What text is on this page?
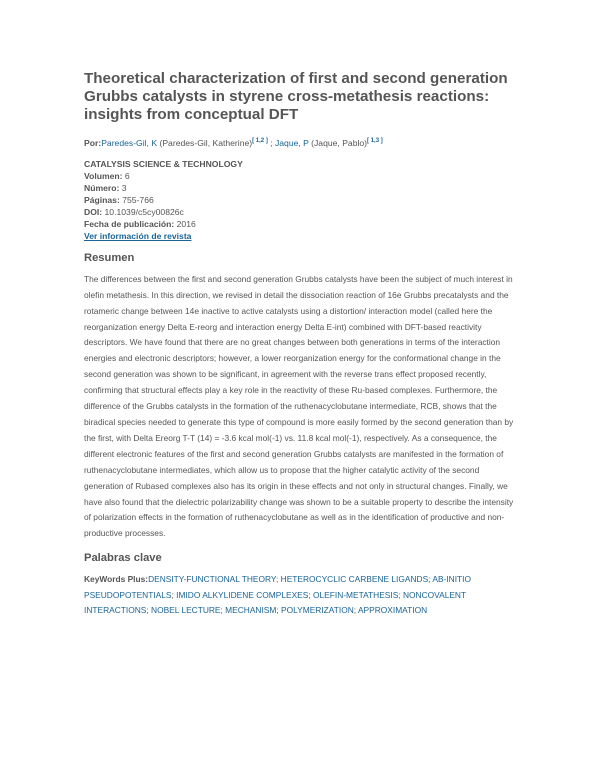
Theoretical characterization of first and second generation Grubbs catalysts in styrene cross-metathesis reactions: insights from conceptual DFT
Por:Paredes-Gil, K (Paredes-Gil, Katherine)[ 1,2 ] ; Jaque, P (Jaque, Pablo)[ 1,3 ]
CATALYSIS SCIENCE & TECHNOLOGY
Volumen: 6
Número: 3
Páginas: 755-766
DOI: 10.1039/c5cy00826c
Fecha de publicación: 2016
Ver información de revista
Resumen

The differences between the first and second generation Grubbs catalysts have been the subject of much interest in olefin metathesis. In this direction, we revised in detail the dissociation reaction of 16e Grubbs precatalysts and the rotameric change between 14e inactive to active catalysts using a distortion/ interaction model (called here the reorganization energy Delta E-reorg and interaction energy Delta E-int) combined with DFT-based reactivity descriptors. We have found that there are no great changes between both generations in terms of the interaction energies and electronic descriptors; however, a lower reorganization energy for the conformational change in the second generation was shown to be significant, in agreement with the reverse trans effect proposed recently, confirming that structural effects play a key role in the reactivity of these Ru-based complexes. Furthermore, the difference of the Grubbs catalysts in the formation of the ruthenacyclobutane intermediate, RCB, shows that the biradical species needed to generate this type of compound is more easily formed by the second generation than by the first, with Delta Ereorg T-T (14) = -3.6 kcal mol(-1) vs. 11.8 kcal mol(-1), respectively. As a consequence, the different electronic features of the first and second generation Grubbs catalysts are manifested in the formation of ruthenacyclobutane intermediates, which allow us to propose that the higher catalytic activity of the second generation of Rubased complexes also has its origin in these effects and not only in structural changes. Finally, we have also found that the dielectric polarizability change was shown to be a suitable property to describe the intensity of polarization effects in the formation of ruthenacyclobutane as well as in the identification of productive and non-productive processes.

Palabras clave
KeyWords Plus:DENSITY-FUNCTIONAL THEORY; HETEROCYCLIC CARBENE LIGANDS; AB-INITIO PSEUDOPOTENTIALS; IMIDO ALKYLIDENE COMPLEXES; OLEFIN-METATHESIS; NONCOVALENT INTERACTIONS; NOBEL LECTURE; MECHANISM; POLYMERIZATION; APPROXIMATION
